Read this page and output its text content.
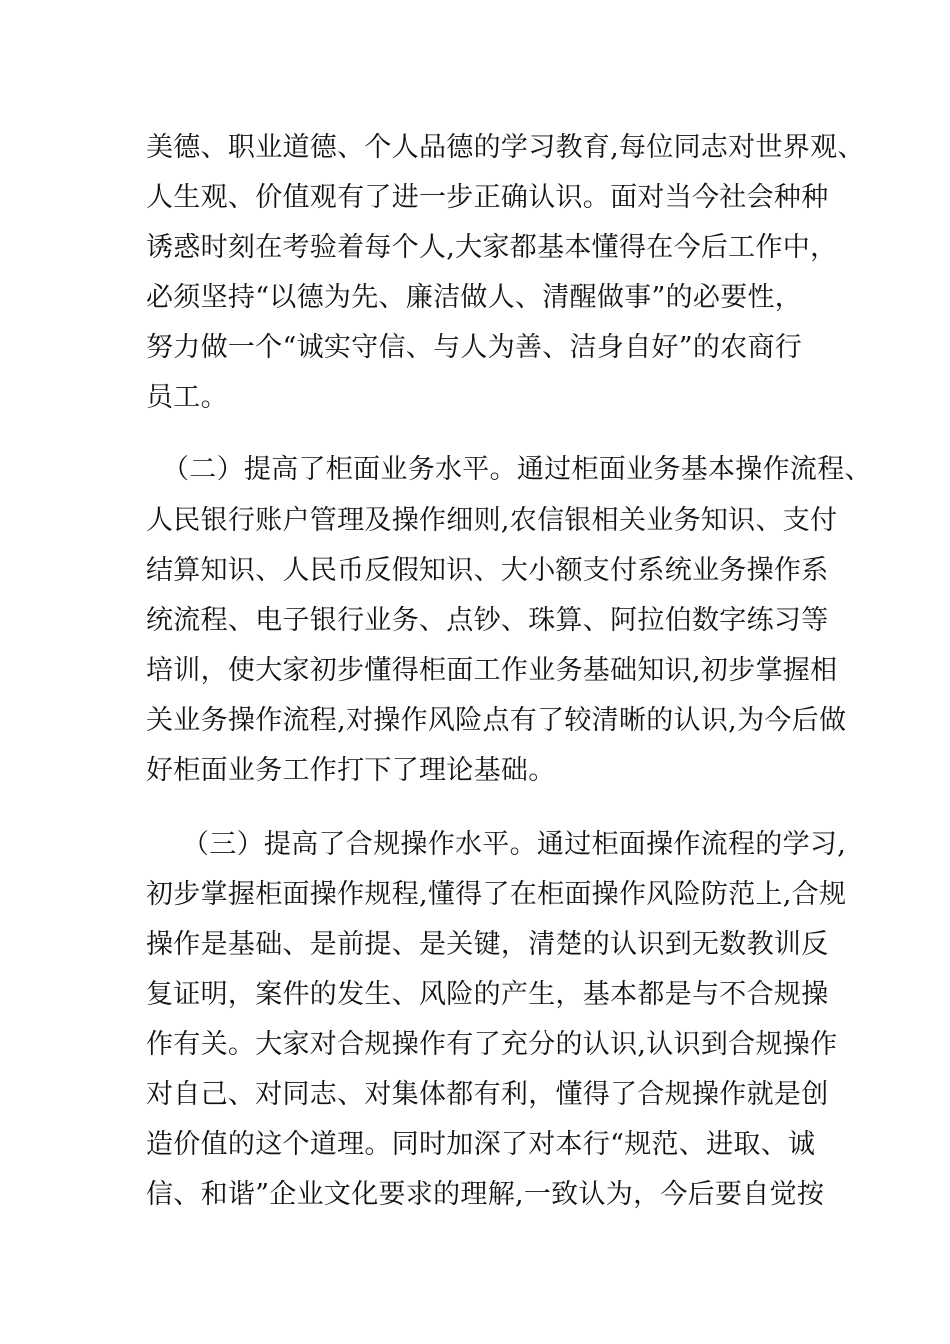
美德、职业道德、个人品德的学习教育,每位同志对世界观、
人生观、价值观有了进一步正确认识。面对当今社会种种
诱惑时刻在考验着每个人,大家都基本懂得在今后工作中，
必须坚持“以德为先、廉洁做人、清醒做事”的必要性，
努力做一个“诚实守信、与人为善、洁身自好”的农商行
员工。
（二）提高了柜面业务水平。通过柜面业务基本操作流程、
人民银行账户管理及操作细则,农信银相关业务知识、支付
结算知识、人民币反假知识、大小额支付系统业务操作系
统流程、电子银行业务、点钞、珠算、阿拉伯数字练习等
培训，使大家初步懂得柜面工作业务基础知识,初步掌握相
关业务操作流程,对操作风险点有了较清晰的认识,为今后做
好柜面业务工作打下了理论基础。
（三）提高了合规操作水平。通过柜面操作流程的学习,
初步掌握柜面操作规程,懂得了在柜面操作风险防范上,合规
操作是基础、是前提、是关键，清楚的认识到无数教训反
复证明，案件的发生、风险的产生，基本都是与不合规操
作有关。大家对合规操作有了充分的认识,认识到合规操作
对自己、对同志、对集体都有利，懂得了合规操作就是创
造价值的这个道理。同时加深了对本行“规范、进取、诚
信、和谐”企业文化要求的理解,一致认为，今后要自觉按
